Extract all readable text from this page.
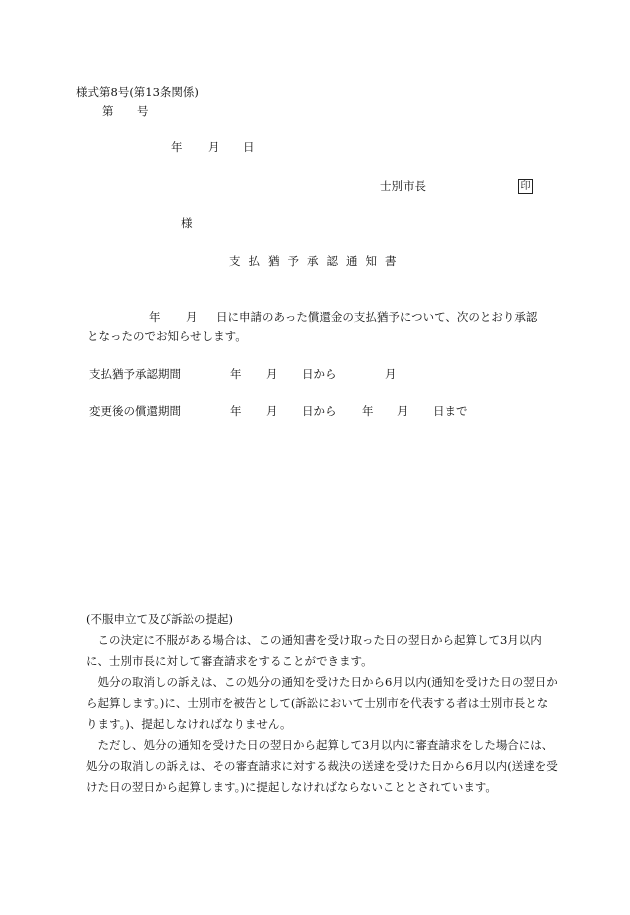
様式第8号(第13条関係)
第 号
年 月 日
士別市長	印
様
支払猶予承認通知書
年 月 日に申請のあった償還金の支払猶予について、次のとおり承認
となったのでお知らせします。
支払猶予承認期間	年 月 日から	月
変更後の償還期間	年 月 日から 年 月 日まで
(不服申立て及び訴訟の提起)

この決定に不服がある場合は、この通知書を受け取った日の翌日から起算して3月以内に、士別市長に対して審査請求をすることができます。

処分の取消しの訴えは、この処分の通知を受けた日から6月以内(通知を受けた日の翌日から起算します。)に、士別市を被告として(訴訟において士別市を代表する者は士別市長となります。)、提起しなければなりません。

ただし、処分の通知を受けた日の翌日から起算して3月以内に審査請求をした場合には、処分の取消しの訴えは、その審査請求に対する裁決の送達を受けた日から6月以内(送達を受けた日の翌日から起算します。)に提起しなければならないこととされています。
